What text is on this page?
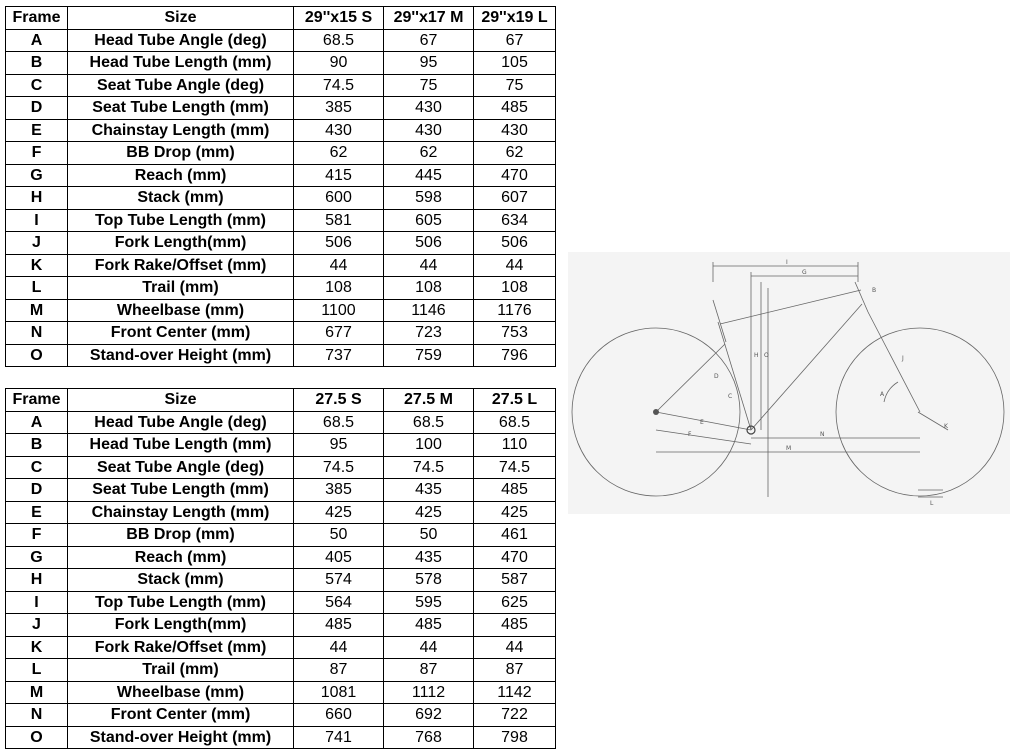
Frame	Size	29''x15 S	29''x17 M	29''x19 L
A	Head Tube Angle (deg)	68.5	67	67
B	Head Tube Length (mm)	90	95	105
C	Seat Tube Angle (deg)	74.5	75	75
D	Seat Tube Length (mm)	385	430	485
E	Chainstay Length (mm)	430	430	430
F	BB Drop (mm)	62	62	62
G	Reach (mm)	415	445	470
H	Stack (mm)	600	598	607
I	Top Tube Length (mm)	581	605	634
J	Fork Length(mm)	506	506	506
K	Fork Rake/Offset (mm)	44	44	44
L	Trail (mm)	108	108	108
M	Wheelbase (mm)	1100	1146	1176
N	Front Center (mm)	677	723	753
O	Stand-over Height (mm)	737	759	796
Frame	Size	27.5 S	27.5 M	27.5 L
A	Head Tube Angle (deg)	68.5	68.5	68.5
B	Head Tube Length (mm)	95	100	110
C	Seat Tube Angle (deg)	74.5	74.5	74.5
D	Seat Tube Length (mm)	385	435	485
E	Chainstay Length (mm)	425	425	425
F	BB Drop (mm)	50	50	461
G	Reach (mm)	405	435	470
H	Stack (mm)	574	578	587
I	Top Tube Length (mm)	564	595	625
J	Fork Length(mm)	485	485	485
K	Fork Rake/Offset (mm)	44	44	44
L	Trail (mm)	87	87	87
M	Wheelbase (mm)	1081	1112	1142
N	Front Center (mm)	660	692	722
O	Stand-over Height (mm)	741	768	798
I
G
B
H O	J
A
D
C
F
E
N
M
K
L
